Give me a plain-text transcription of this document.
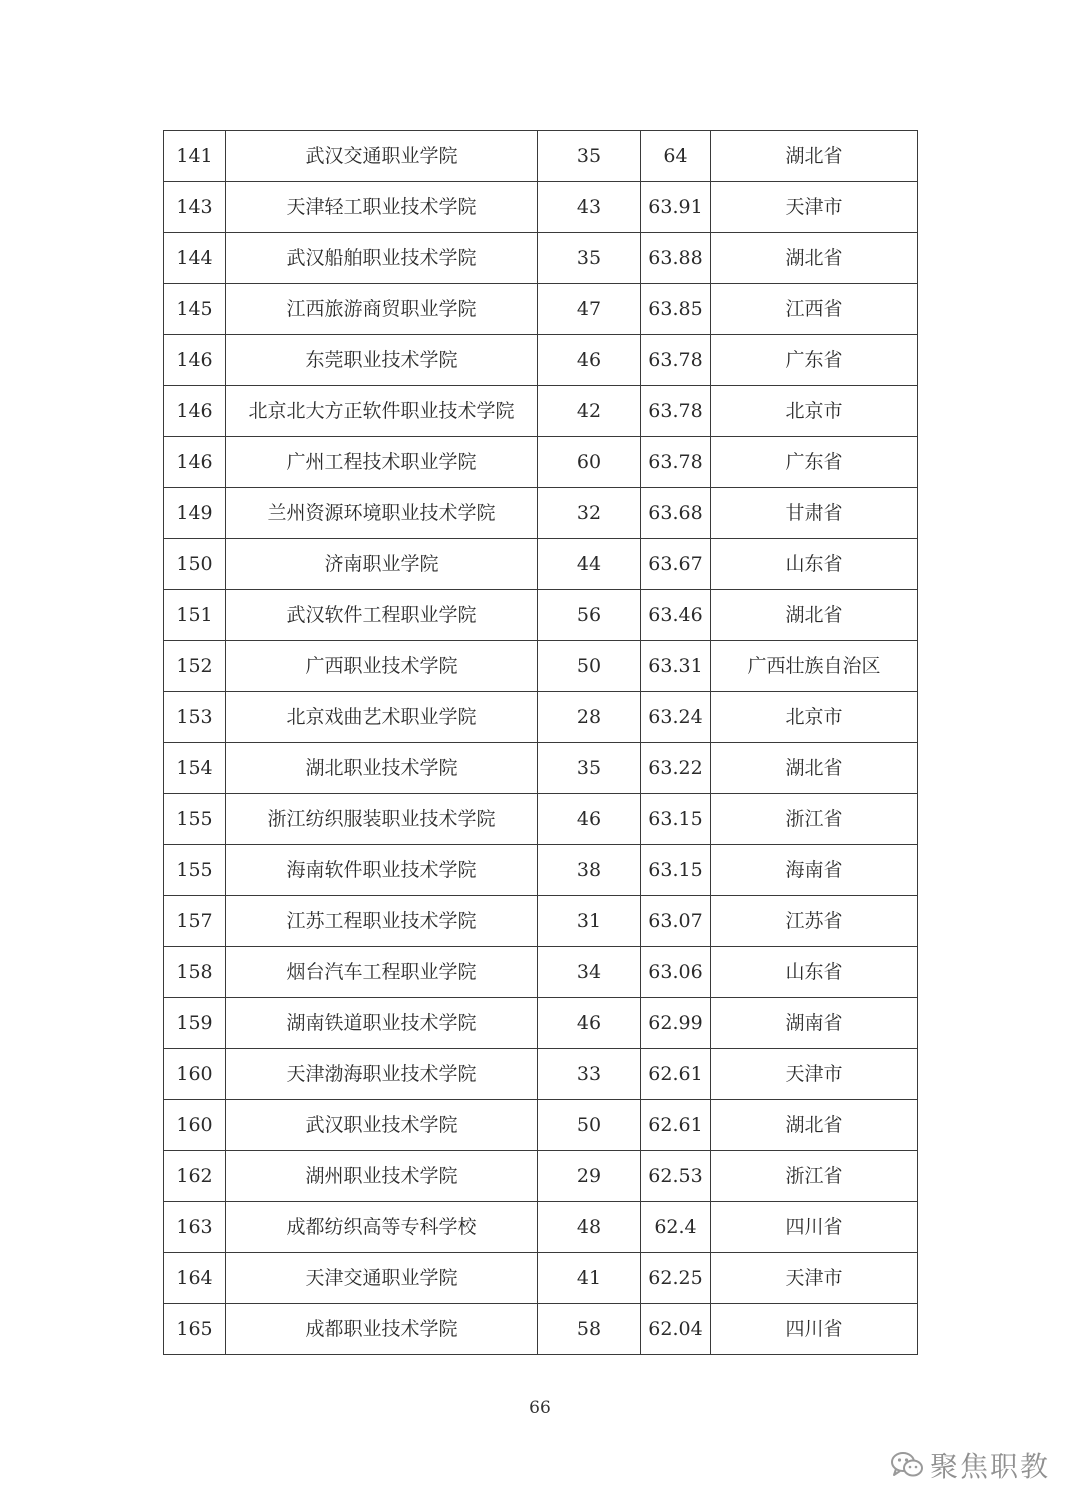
141	武汉交通职业学院	35	64	湖北省
143	天津轻工职业技术学院	43	63.91	天津市
144	武汉船舶职业技术学院	35	63.88	湖北省
145	江西旅游商贸职业学院	47	63.85	江西省
146	东莞职业技术学院	46	63.78	广东省
146	北京北大方正软件职业技术学院	42	63.78	北京市
146	广州工程技术职业学院	60	63.78	广东省
149	兰州资源环境职业技术学院	32	63.68	甘肃省
150	济南职业学院	44	63.67	山东省
151	武汉软件工程职业学院	56	63.46	湖北省
152	广西职业技术学院	50	63.31	广西壮族自治区
153	北京戏曲艺术职业学院	28	63.24	北京市
154	湖北职业技术学院	35	63.22	湖北省
155	浙江纺织服装职业技术学院	46	63.15	浙江省
155	海南软件职业技术学院	38	63.15	海南省
157	江苏工程职业技术学院	31	63.07	江苏省
158	烟台汽车工程职业学院	34	63.06	山东省
159	湖南铁道职业技术学院	46	62.99	湖南省
160	天津渤海职业技术学院	33	62.61	天津市
160	武汉职业技术学院	50	62.61	湖北省
162	湖州职业技术学院	29	62.53	浙江省
163	成都纺织高等专科学校	48	62.4	四川省
164	天津交通职业学院	41	62.25	天津市
165	成都职业技术学院	58	62.04	四川省
66
聚焦职教
